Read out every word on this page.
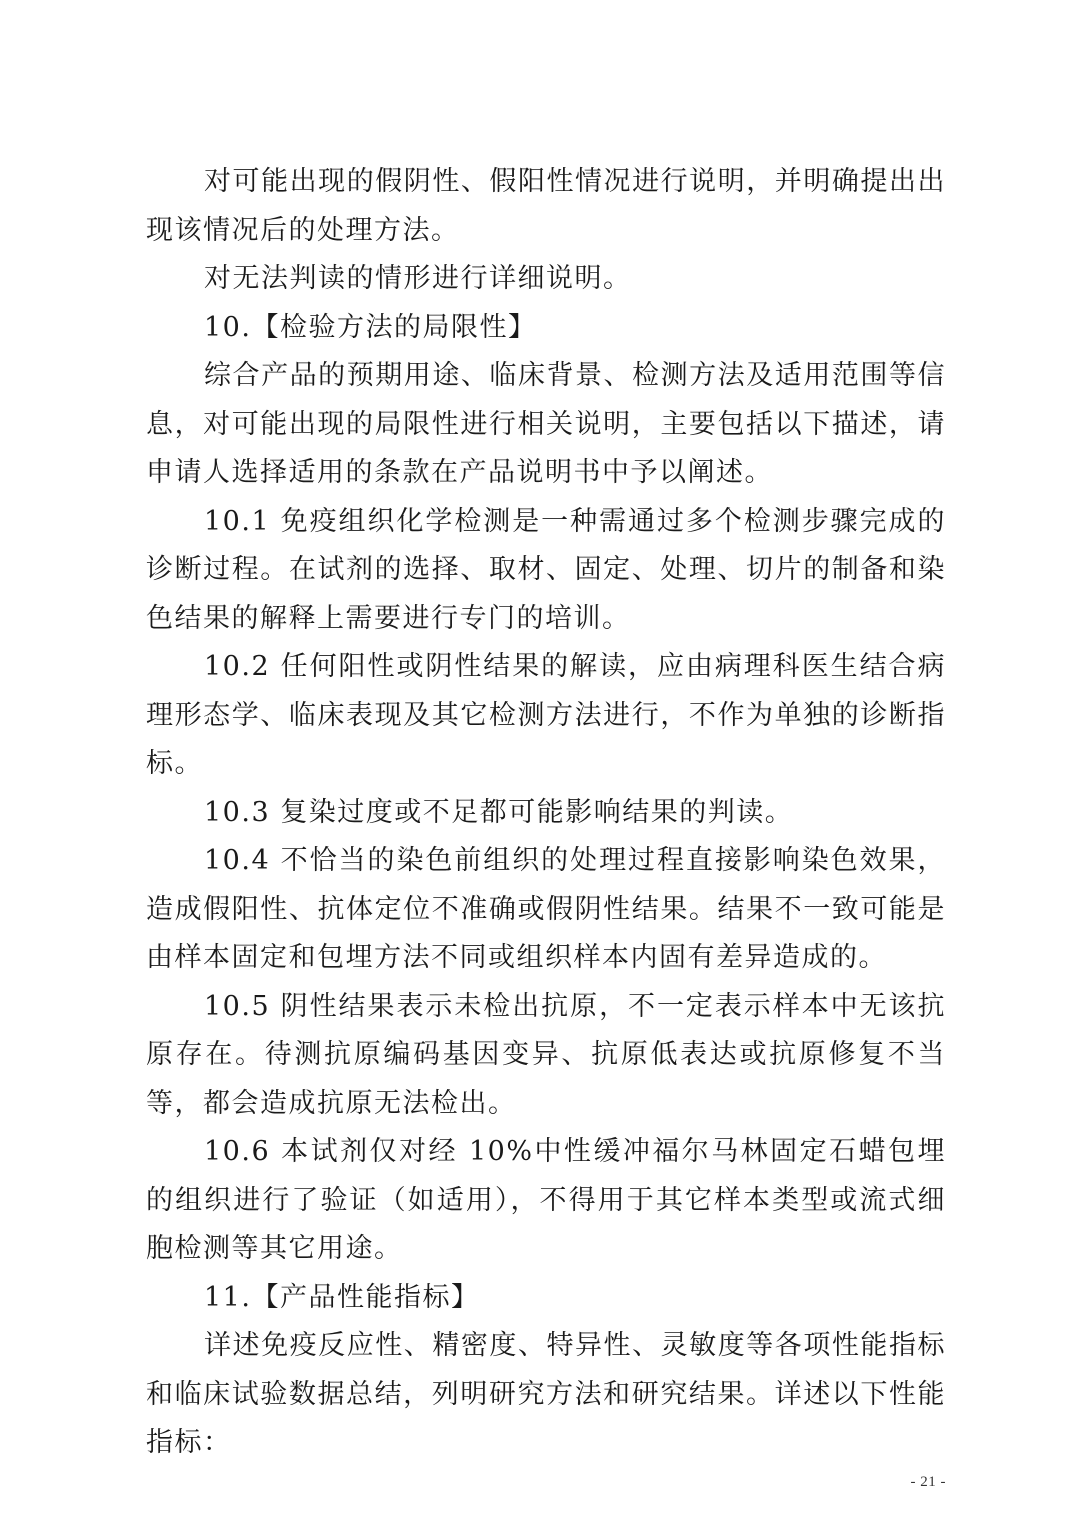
对可能出现的假阴性、假阳性情况进行说明，并明确提出出现该情况后的处理方法。

对无法判读的情形进行详细说明。

10.【检验方法的局限性】

综合产品的预期用途、临床背景、检测方法及适用范围等信息，对可能出现的局限性进行相关说明，主要包括以下描述，请申请人选择适用的条款在产品说明书中予以阐述。

10.1 免疫组织化学检测是一种需通过多个检测步骤完成的诊断过程。在试剂的选择、取材、固定、处理、切片的制备和染色结果的解释上需要进行专门的培训。

10.2 任何阳性或阴性结果的解读，应由病理科医生结合病理形态学、临床表现及其它检测方法进行，不作为单独的诊断指标。

10.3 复染过度或不足都可能影响结果的判读。

10.4 不恰当的染色前组织的处理过程直接影响染色效果，造成假阳性、抗体定位不准确或假阴性结果。结果不一致可能是由样本固定和包埋方法不同或组织样本内固有差异造成的。

10.5 阴性结果表示未检出抗原，不一定表示样本中无该抗原存在。待测抗原编码基因变异、抗原低表达或抗原修复不当等，都会造成抗原无法检出。

10.6 本试剂仅对经 10%中性缓冲福尔马林固定石蜡包埋的组织进行了验证（如适用），不得用于其它样本类型或流式细胞检测等其它用途。

11.【产品性能指标】

详述免疫反应性、精密度、特异性、灵敏度等各项性能指标和临床试验数据总结，列明研究方法和研究结果。详述以下性能指标：

- 21 -
